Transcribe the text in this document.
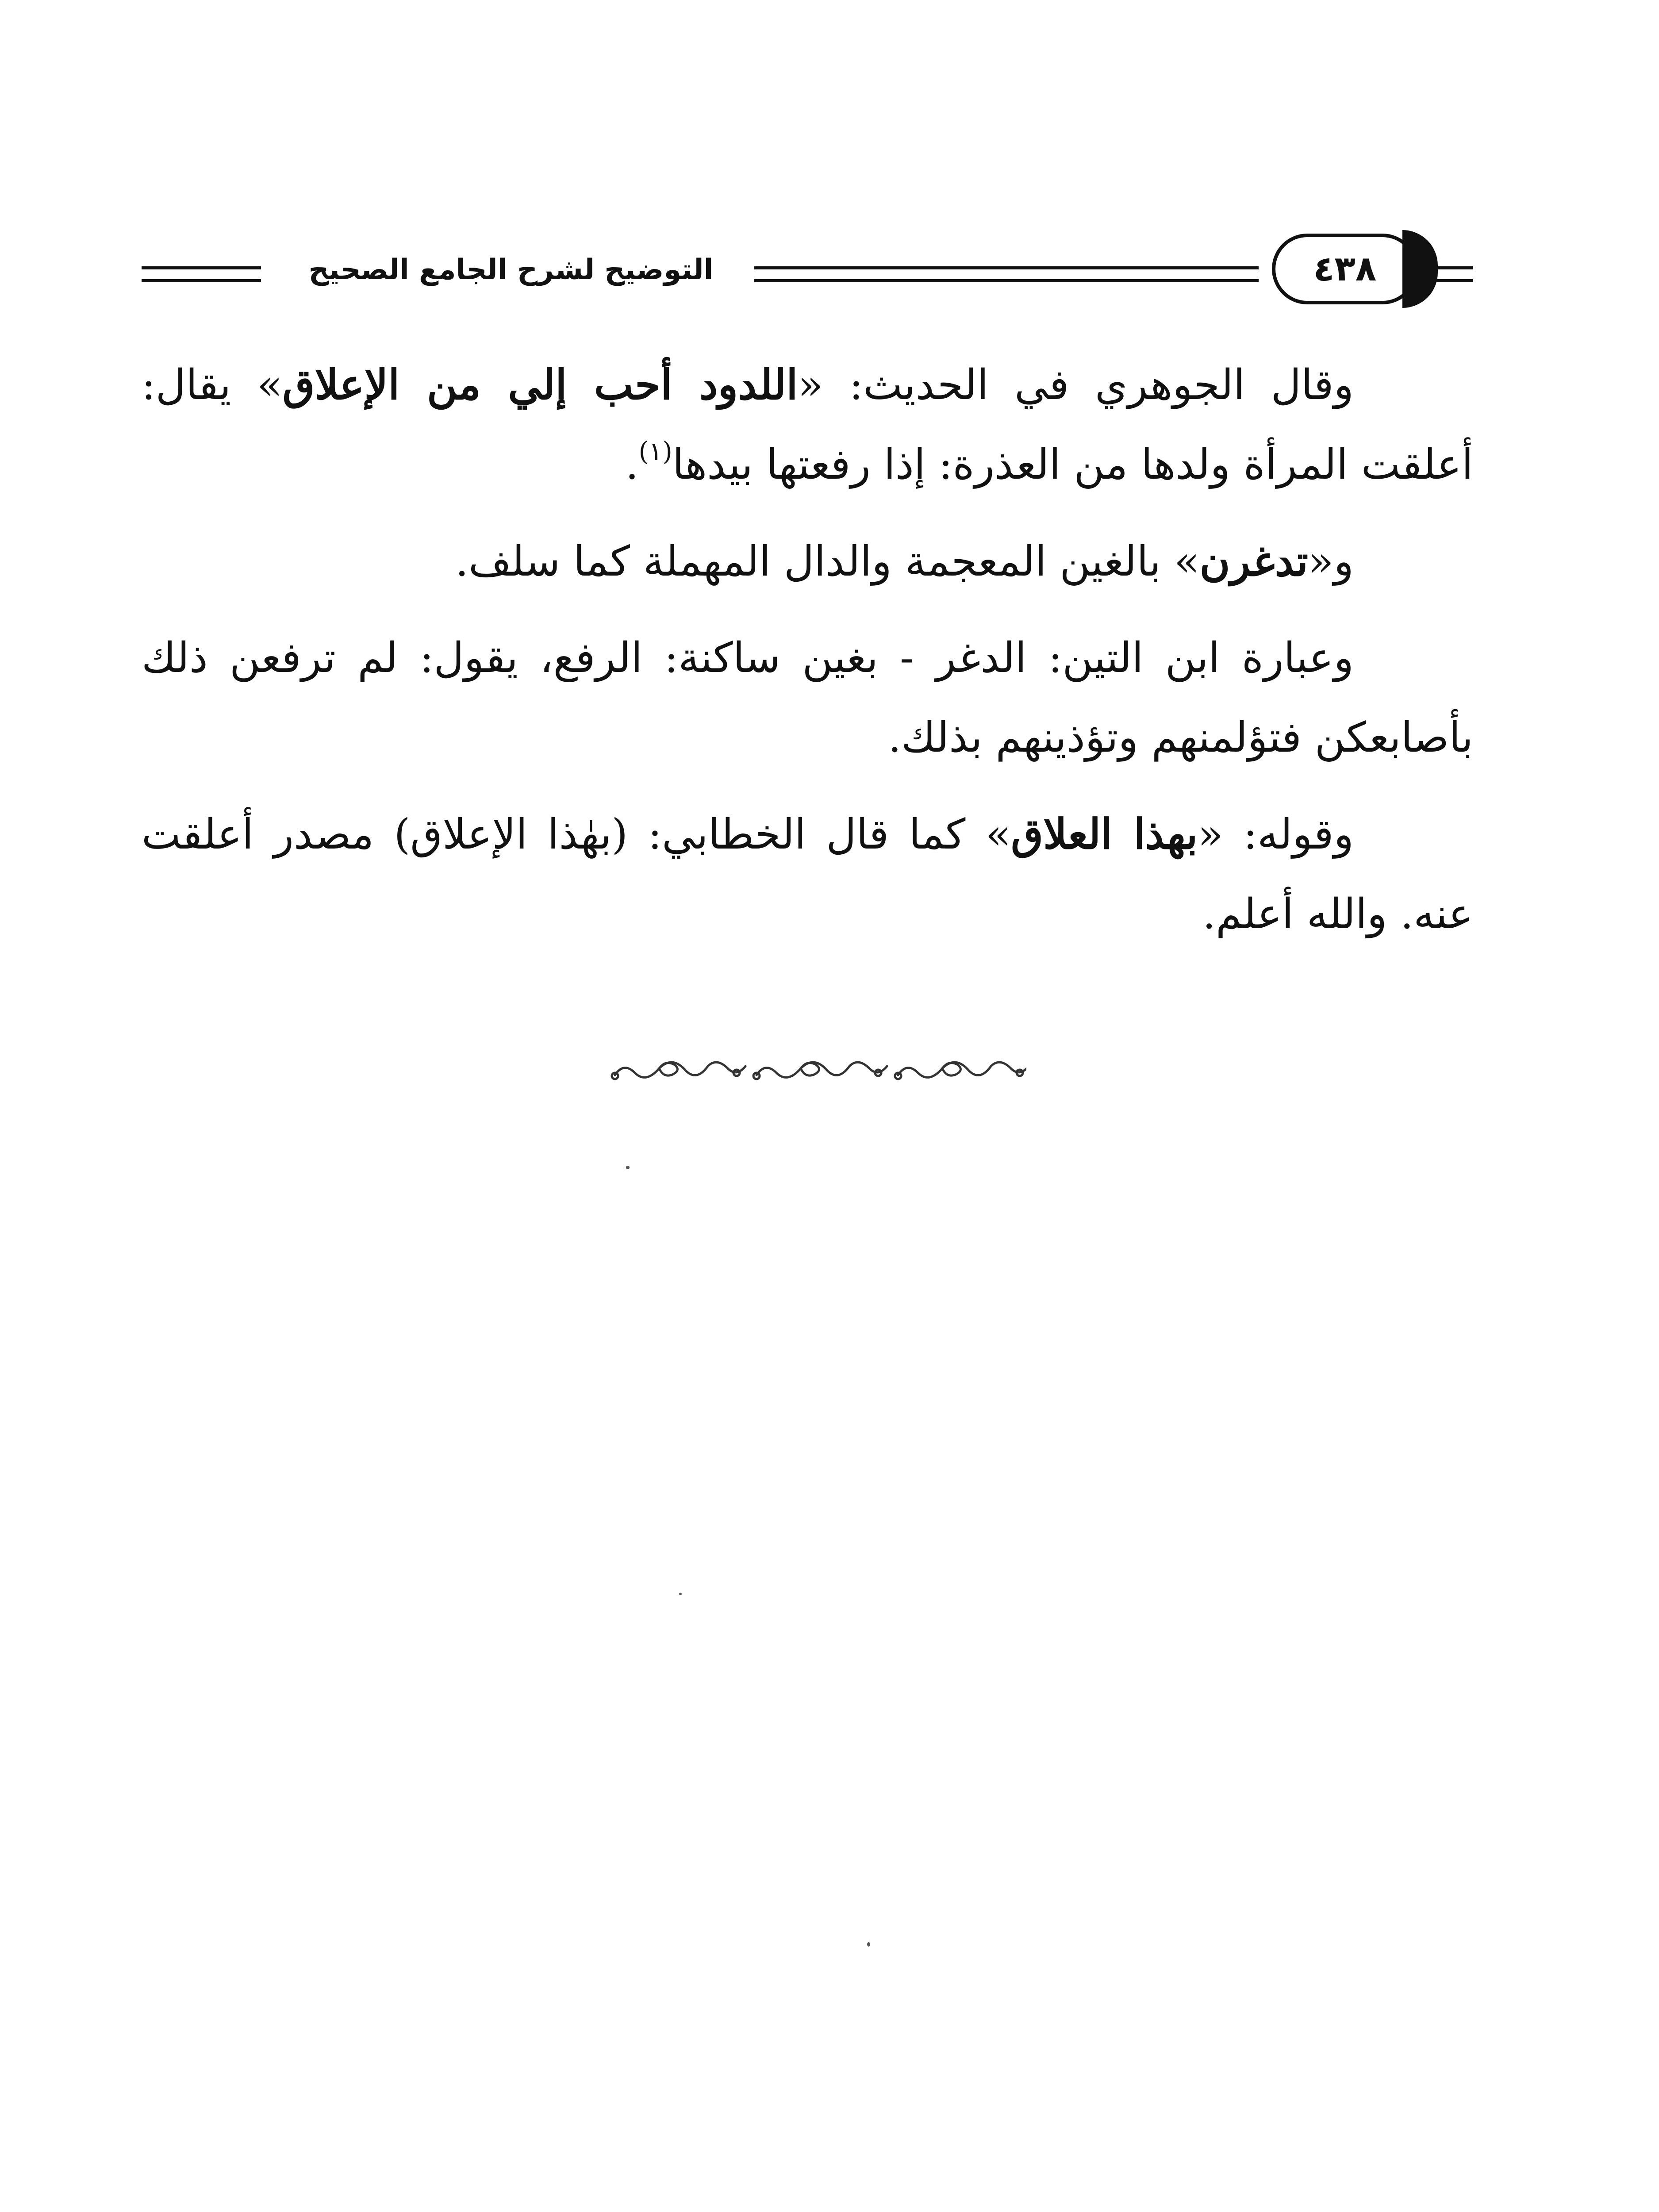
التوضيح لشرح الجامع الصحيح	٤٣٨

وقال الجوهري في الحديث: «اللدود أحب إلي من الإعلاق» يقال: أعلقت المرأة ولدها من العذرة: إذا رفعتها بيدها$^{(١)}$.

و«تدغرن» بالغين المعجمة والدال المهملة كما سلف.

وعبارة ابن التين: الدغر - بغين ساكنة: الرفع، يقول: لم ترفعن ذلك بأصابعكن فتؤلمنهم وتؤذينهم بذلك.

وقوله: «بهذا العلاق» كما قال الخطابي: (بهٰذا الإعلاق) مصدر أعلقت عنه. والله أعلم.
